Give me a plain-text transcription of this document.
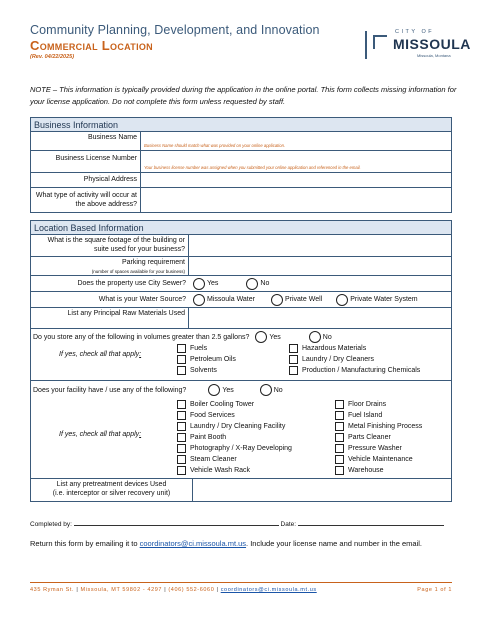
Community Planning, Development, and Innovation
Commercial Location
(Rev. 04/22/2025)
CITY OF
MISSOULA
Missoula, Montana
NOTE – This information is typically provided during the application in the online portal. This form collects missing information for your license application. Do not complete this form unless requested by staff.
Business Information
Business Name
Business Name should match what was provided on your online application.
Business License Number
Your business license number was assigned when you submitted your online application and referenced in the email.
Physical Address
What type of activity will occur at the above address?
Location Based Information
What is the square footage of the building or suite used for your business?
Parking requirement
(number of spaces available for your business)
Does the property use City Sewer?	Yes	No
What is your Water Source?	Missoula Water	Private Well	Private Water System
List any Principal Raw Materials Used
Do you store any of the following in volumes greater than 2.5 gallons?	Yes	No
If yes, check all that apply:
Fuels
Petroleum Oils
Solvents
Hazardous Materials
Laundry / Dry Cleaners
Production / Manufacturing Chemicals
Does your facility have / use any of the following?	Yes	No
If yes, check all that apply:
Boiler Cooling Tower
Food Services
Laundry / Dry Cleaning Facility
Paint Booth
Photography / X-Ray Developing
Steam Cleaner
Vehicle Wash Rack
Floor Drains
Fuel Island
Metal Finishing Process
Parts Cleaner
Pressure Washer
Vehicle Maintenance
Warehouse
List any pretreatment devices Used
(i.e. interceptor or silver recovery unit)
Completed by:	Date:
Return this form by emailing it to coordinators@ci.missoula.mt.us. Include your license name and number in the email.
435 Ryman St. | Missoula, MT 59802 - 4297 | (406) 552-6060 | coordinators@ci.missoula.mt.us	Page 1 of 1
